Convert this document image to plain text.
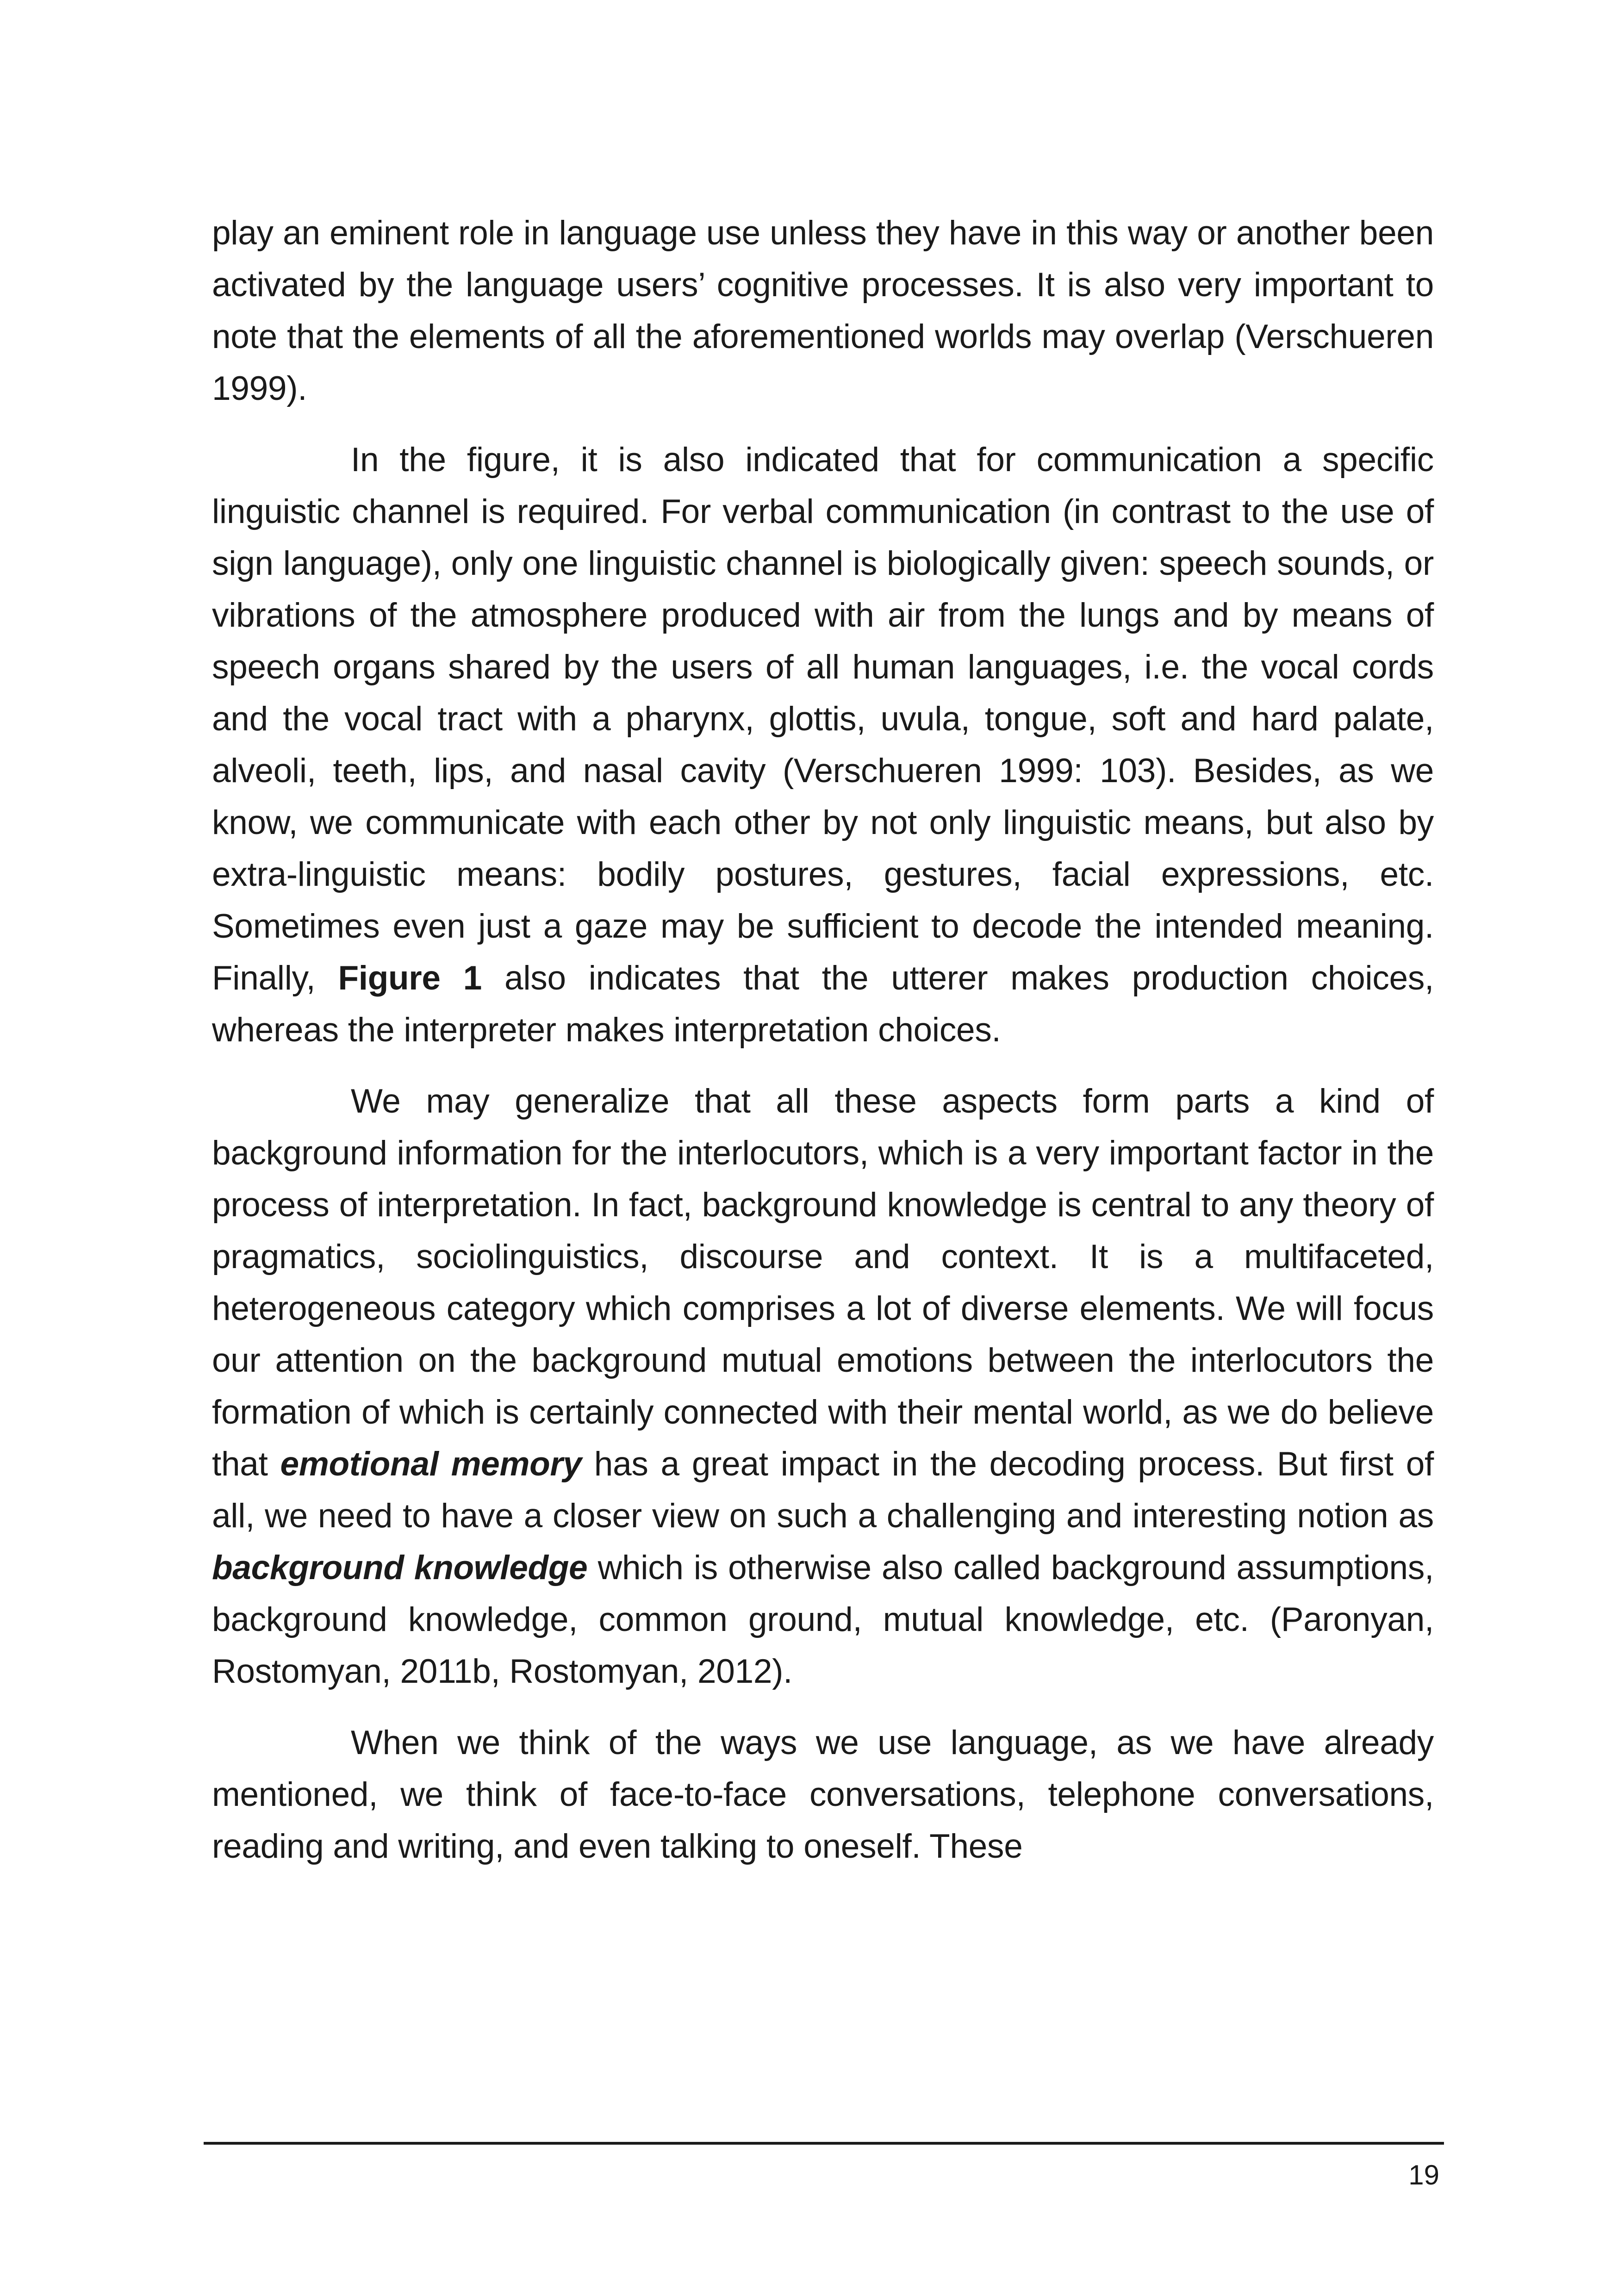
play an eminent role in language use unless they have in this way or another been activated by the language users’ cognitive processes. It is also very important to note that the elements of all the aforementioned worlds may overlap (Verschueren 1999).

In the figure, it is also indicated that for communication a specific linguistic channel is required. For verbal communication (in contrast to the use of sign language), only one linguistic channel is biologically given: speech sounds, or vibrations of the atmosphere produced with air from the lungs and by means of speech organs shared by the users of all human languages, i.e. the vocal cords and the vocal tract with a pharynx, glottis, uvula, tongue, soft and hard palate, alveoli, teeth, lips, and nasal cavity (Verschueren 1999: 103). Besides, as we know, we communicate with each other by not only linguistic means, but also by extra-linguistic means: bodily postures, gestures, facial expressions, etc. Sometimes even just a gaze may be sufficient to decode the intended meaning. Finally, Figure 1 also indicates that the utterer makes production choices, whereas the interpreter makes interpretation choices.

We may generalize that all these aspects form parts a kind of background information for the interlocutors, which is a very important factor in the process of interpretation. In fact, background knowledge is central to any theory of pragmatics, sociolinguistics, discourse and context. It is a multifaceted, heterogeneous category which comprises a lot of diverse elements. We will focus our attention on the background mutual emotions between the interlocutors the formation of which is certainly connected with their mental world, as we do believe that emotional memory has a great impact in the decoding process. But first of all, we need to have a closer view on such a challenging and interesting notion as background knowledge which is otherwise also called background assumptions, background knowledge, common ground, mutual knowledge, etc. (Paronyan, Rostomyan, 2011b, Rostomyan, 2012).

When we think of the ways we use language, as we have already mentioned, we think of face-to-face conversations, telephone conversations, reading and writing, and even talking to oneself. These

19
